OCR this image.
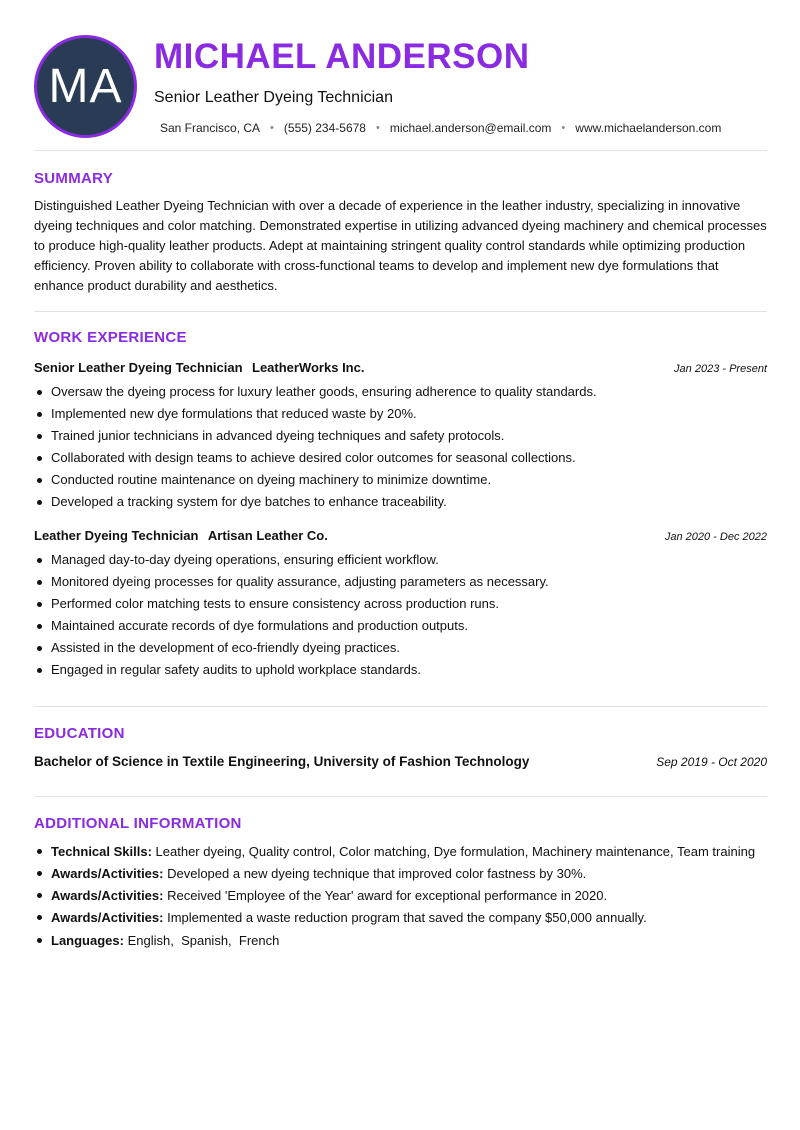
MA
MICHAEL ANDERSON
Senior Leather Dyeing Technician
San Francisco, CA • (555) 234-5678 • michael.anderson@email.com • www.michaelanderson.com
SUMMARY
Distinguished Leather Dyeing Technician with over a decade of experience in the leather industry, specializing in innovative dyeing techniques and color matching. Demonstrated expertise in utilizing advanced dyeing machinery and chemical processes to produce high-quality leather products. Adept at maintaining stringent quality control standards while optimizing production efficiency. Proven ability to collaborate with cross-functional teams to develop and implement new dye formulations that enhance product durability and aesthetics.
WORK EXPERIENCE
Senior Leather Dyeing Technician LeatherWorks Inc.	Jan 2023 - Present
Oversaw the dyeing process for luxury leather goods, ensuring adherence to quality standards.
Implemented new dye formulations that reduced waste by 20%.
Trained junior technicians in advanced dyeing techniques and safety protocols.
Collaborated with design teams to achieve desired color outcomes for seasonal collections.
Conducted routine maintenance on dyeing machinery to minimize downtime.
Developed a tracking system for dye batches to enhance traceability.
Leather Dyeing Technician Artisan Leather Co.	Jan 2020 - Dec 2022
Managed day-to-day dyeing operations, ensuring efficient workflow.
Monitored dyeing processes for quality assurance, adjusting parameters as necessary.
Performed color matching tests to ensure consistency across production runs.
Maintained accurate records of dye formulations and production outputs.
Assisted in the development of eco-friendly dyeing practices.
Engaged in regular safety audits to uphold workplace standards.
EDUCATION
Bachelor of Science in Textile Engineering, University of Fashion Technology	Sep 2019 - Oct 2020
ADDITIONAL INFORMATION
Technical Skills: Leather dyeing, Quality control, Color matching, Dye formulation, Machinery maintenance, Team training
Awards/Activities: Developed a new dyeing technique that improved color fastness by 30%.
Awards/Activities: Received 'Employee of the Year' award for exceptional performance in 2020.
Awards/Activities: Implemented a waste reduction program that saved the company $50,000 annually.
Languages: English,  Spanish,  French
